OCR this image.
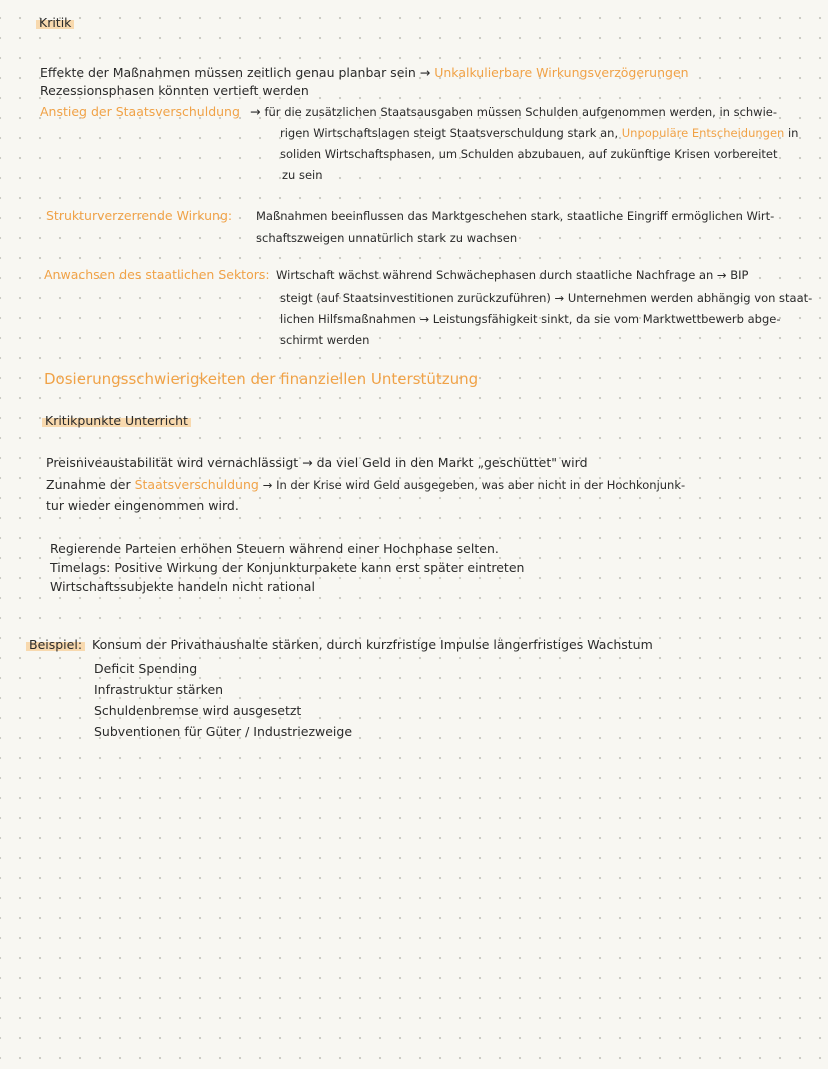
Kritik
Effekte der Maßnahmen müssen zeitlich genau planbar sein → Unkalkulierbare Wirkungsverzögerungen
Rezessionsphasen könnten vertieft werden
Anstieg der Staatsverschuldung → für die zusätzlichen Staatsausgaben müssen Schulden aufgenommen werden, in schwie-
rigen Wirtschaftslagen steigt Staatsverschuldung stark an, Unpopuläre Entscheidungen in
soliden Wirtschaftsphasen, um Schulden abzubauen, auf zukünftige Krisen vorbereitet
zu sein
Strukturverzerrende Wirkung: Maßnahmen beeinflussen das Marktgeschehen stark, staatliche Eingriff ermöglichen Wirt-
schaftszweigen unnatürlich stark zu wachsen
Anwachsen des staatlichen Sektors: Wirtschaft wächst während Schwächephasen durch staatliche Nachfrage an → BIP
steigt (auf Staatsinvestitionen zurückzuführen) → Unternehmen werden abhängig von staat-
lichen Hilfsmaßnahmen → Leistungsfähigkeit sinkt, da sie vom Marktwettbewerb abge-
schirmt werden
Dosierungsschwierigkeiten der finanziellen Unterstützung
Kritikpunkte Unterricht
Preisniveaustabilität wird vernachlässigt → da viel Geld in den Markt „geschüttet" wird
Zunahme der Staatsverschuldung → In der Krise wird Geld ausgegeben, was aber nicht in der Hochkonjunk-
tur wieder eingenommen wird.
Regierende Parteien erhöhen Steuern während einer Hochphase selten.
Timelags: Positive Wirkung der Konjunkturpakete kann erst später eintreten
Wirtschaftssubjekte handeln nicht rational
Beispiel: Konsum der Privathaushalte stärken, durch kurzfristige Impulse längerfristiges Wachstum
Deficit Spending
Infrastruktur stärken
Schuldenbremse wird ausgesetzt
Subventionen für Güter / Industriezweige
